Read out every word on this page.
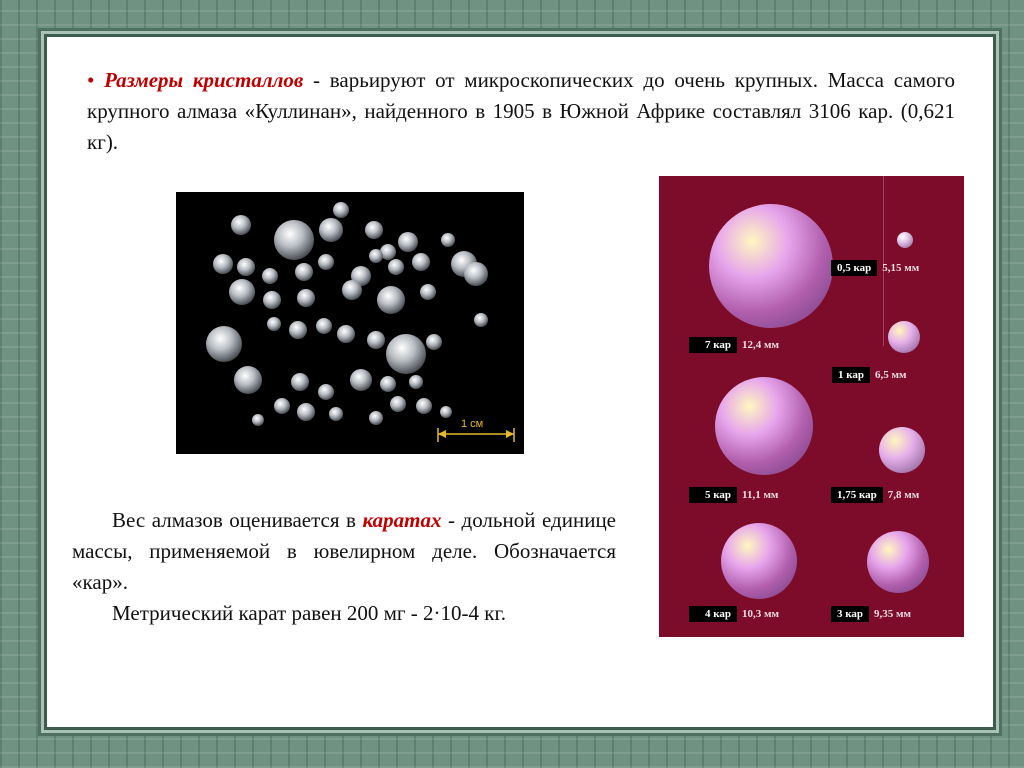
• Размеры кристаллов - варьируют от микроскопических до очень крупных. Масса самого крупного алмаза «Куллинан», найденного в 1905 в Южной Африке составлял 3106 кар. (0,621 кг).

1 см

Вес алмазов оценивается в каратах - дольной единице массы, применяемой в ювелирном деле. Обозначается «кар».

Метрический карат равен 200 мг - 2·10-4 кг.

0,5 кар	5,15 мм
7 кар	12,4 мм
1 кар	6,5 мм
5 кар	11,1 мм	1,75 кар	7,8 мм
4 кар	10,3 мм	3 кар	9,35 мм
